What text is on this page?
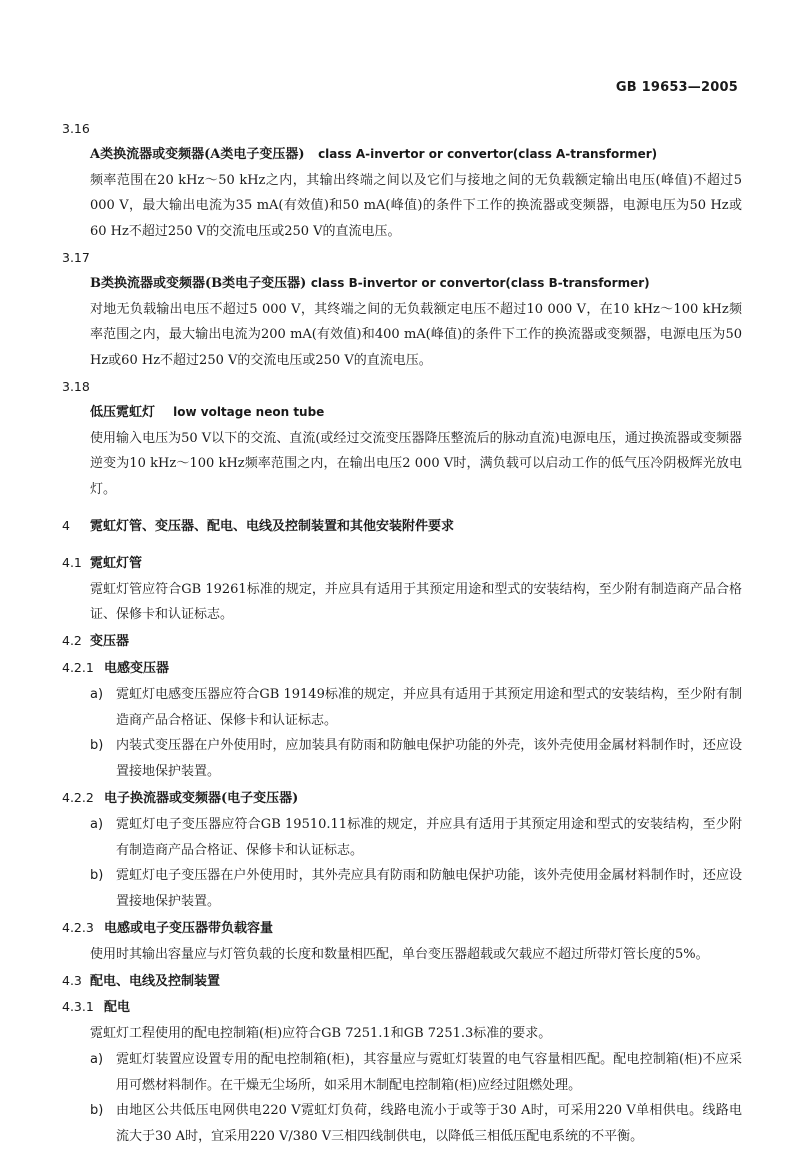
GB 19653—2005
3.16
A类换流器或变频器(A类电子变压器) class A-invertor or convertor(class A-transformer)
频率范围在20 kHz～50 kHz之内，其输出终端之间以及它们与接地之间的无负载额定输出电压(峰值)不超过5 000 V，最大输出电流为35 mA(有效值)和50 mA(峰值)的条件下工作的换流器或变频器，电源电压为50 Hz或60 Hz不超过250 V的交流电压或250 V的直流电压。
3.17
B类换流器或变频器(B类电子变压器) class B-invertor or convertor(class B-transformer)
对地无负载输出电压不超过5 000 V，其终端之间的无负载额定电压不超过10 000 V，在10 kHz～100 kHz频率范围之内，最大输出电流为200 mA(有效值)和400 mA(峰值)的条件下工作的换流器或变频器，电源电压为50 Hz或60 Hz不超过250 V的交流电压或250 V的直流电压。
3.18
低压霓虹灯 low voltage neon tube
使用输入电压为50 V以下的交流、直流(或经过交流变压器降压整流后的脉动直流)电源电压，通过换流器或变频器逆变为10 kHz～100 kHz频率范围之内，在输出电压2 000 V时，满负载可以启动工作的低气压冷阴极辉光放电灯。
4 霓虹灯管、变压器、配电、电线及控制装置和其他安装附件要求
4.1 霓虹灯管
霓虹灯管应符合GB 19261标准的规定，并应具有适用于其预定用途和型式的安装结构，至少附有制造商产品合格证、保修卡和认证标志。
4.2 变压器
4.2.1 电感变压器
a) 霓虹灯电感变压器应符合GB 19149标准的规定，并应具有适用于其预定用途和型式的安装结构，至少附有制造商产品合格证、保修卡和认证标志。
b) 内装式变压器在户外使用时，应加装具有防雨和防触电保护功能的外壳，该外壳使用金属材料制作时，还应设置接地保护装置。
4.2.2 电子换流器或变频器(电子变压器)
a) 霓虹灯电子变压器应符合GB 19510.11标准的规定，并应具有适用于其预定用途和型式的安装结构，至少附有制造商产品合格证、保修卡和认证标志。
b) 霓虹灯电子变压器在户外使用时，其外壳应具有防雨和防触电保护功能，该外壳使用金属材料制作时，还应设置接地保护装置。
4.2.3 电感或电子变压器带负载容量
使用时其输出容量应与灯管负载的长度和数量相匹配，单台变压器超载或欠载应不超过所带灯管长度的5%。
4.3 配电、电线及控制装置
4.3.1 配电
霓虹灯工程使用的配电控制箱(柜)应符合GB 7251.1和GB 7251.3标准的要求。
a) 霓虹灯装置应设置专用的配电控制箱(柜)，其容量应与霓虹灯装置的电气容量相匹配。配电控制箱(柜)不应采用可燃材料制作。在干燥无尘场所，如采用木制配电控制箱(柜)应经过阻燃处理。
b) 由地区公共低压电网供电220 V霓虹灯负荷，线路电流小于或等于30 A时，可采用220 V单相供电。线路电流大于30 A时，宜采用220 V/380 V三相四线制供电，以降低三相低压配电系统的不平衡。
